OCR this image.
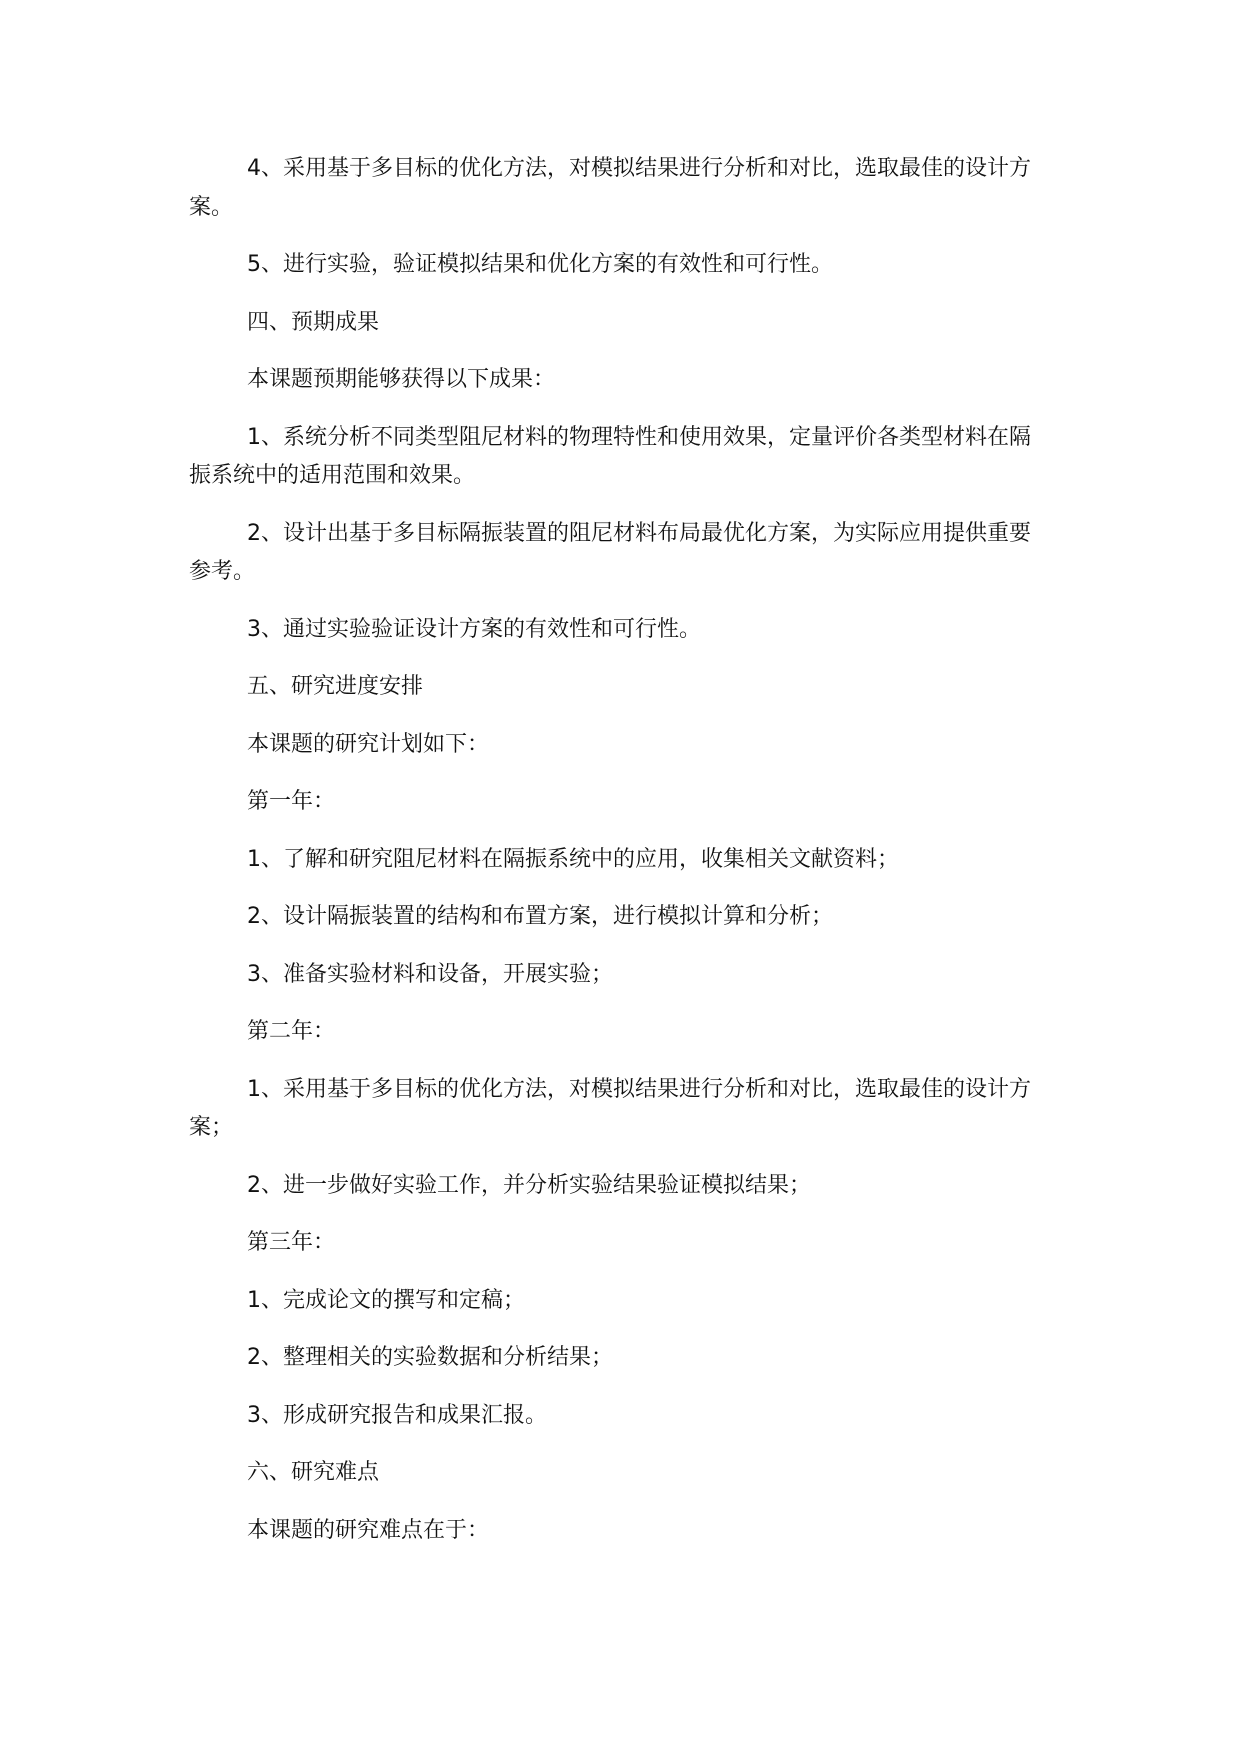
4、采用基于多目标的优化方法，对模拟结果进行分析和对比，选取最佳的设计方案。

5、进行实验，验证模拟结果和优化方案的有效性和可行性。

四、预期成果

本课题预期能够获得以下成果：

1、系统分析不同类型阻尼材料的物理特性和使用效果，定量评价各类型材料在隔振系统中的适用范围和效果。

2、设计出基于多目标隔振装置的阻尼材料布局最优化方案，为实际应用提供重要参考。

3、通过实验验证设计方案的有效性和可行性。

五、研究进度安排

本课题的研究计划如下：

第一年：

1、了解和研究阻尼材料在隔振系统中的应用，收集相关文献资料；

2、设计隔振装置的结构和布置方案，进行模拟计算和分析；

3、准备实验材料和设备，开展实验；

第二年：

1、采用基于多目标的优化方法，对模拟结果进行分析和对比，选取最佳的设计方案；

2、进一步做好实验工作，并分析实验结果验证模拟结果；

第三年：

1、完成论文的撰写和定稿；

2、整理相关的实验数据和分析结果；

3、形成研究报告和成果汇报。

六、研究难点

本课题的研究难点在于：
